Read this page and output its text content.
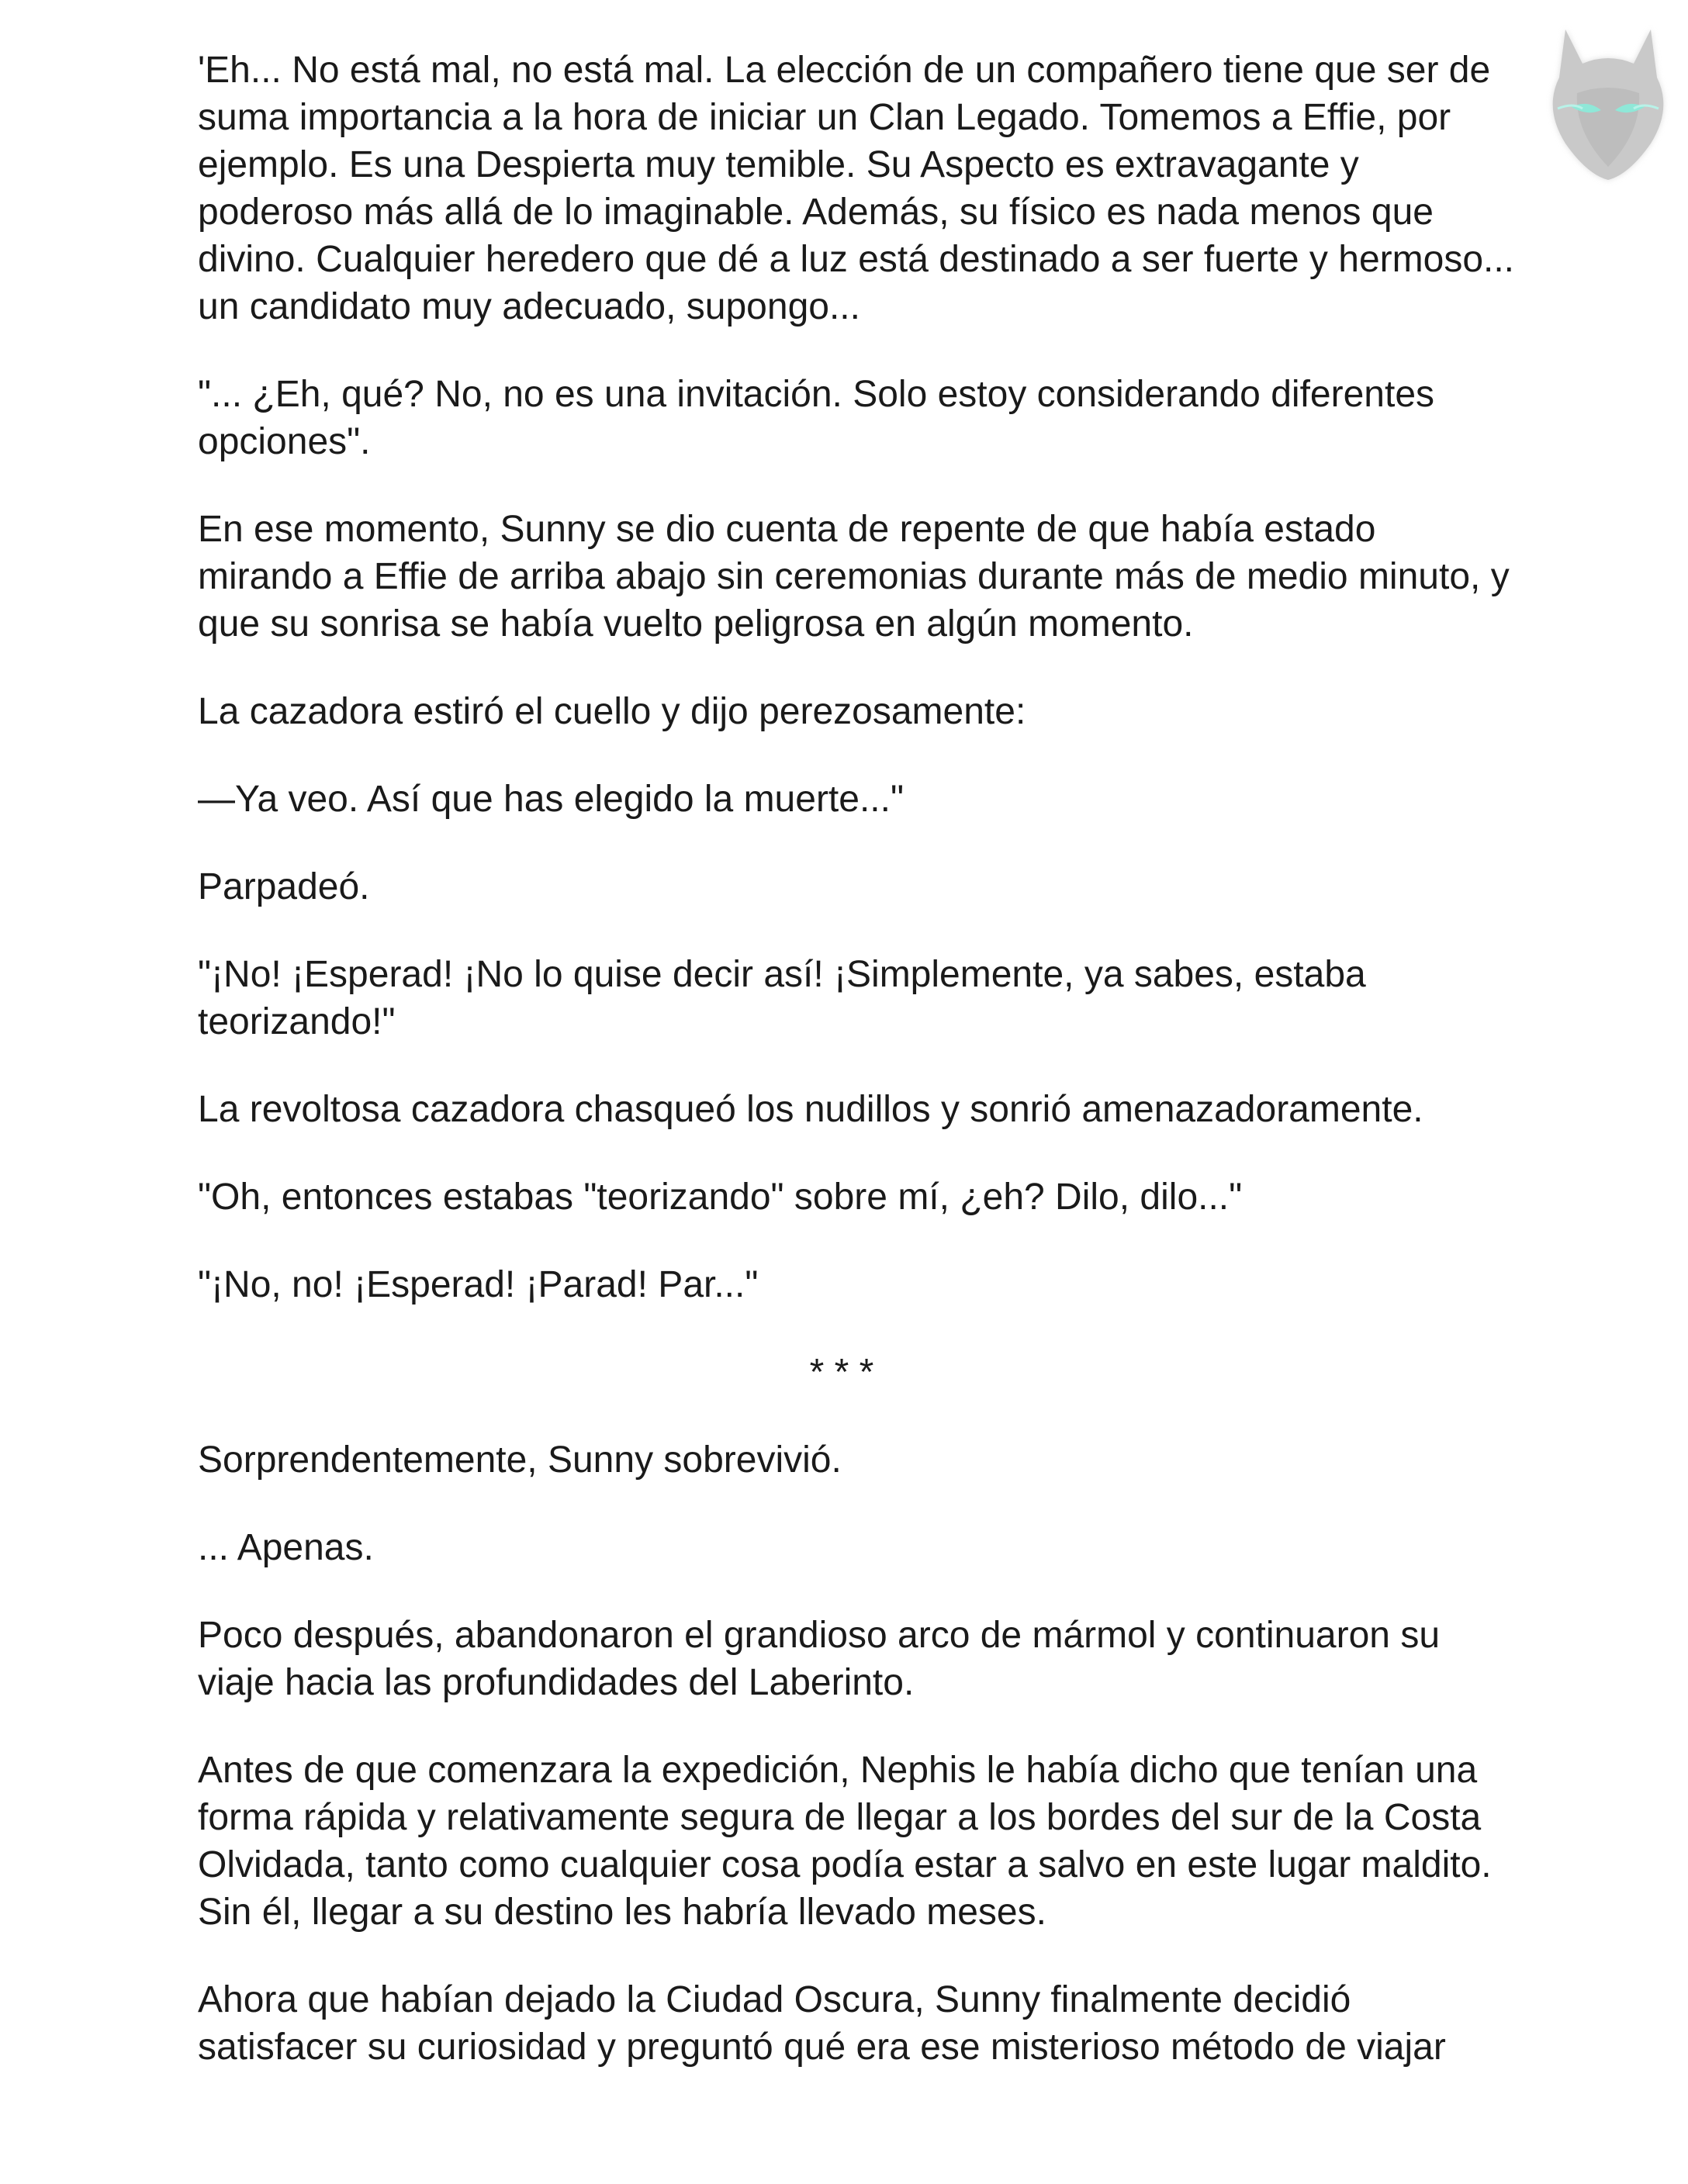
'Eh... No está mal, no está mal. La elección de un compañero tiene que ser de suma importancia a la hora de iniciar un Clan Legado. Tomemos a Effie, por ejemplo. Es una Despierta muy temible. Su Aspecto es extravagante y poderoso más allá de lo imaginable. Además, su físico es nada menos que divino. Cualquier heredero que dé a luz está destinado a ser fuerte y hermoso... un candidato muy adecuado, supongo...

"... ¿Eh, qué? No, no es una invitación. Solo estoy considerando diferentes opciones".

En ese momento, Sunny se dio cuenta de repente de que había estado mirando a Effie de arriba abajo sin ceremonias durante más de medio minuto, y que su sonrisa se había vuelto peligrosa en algún momento.

La cazadora estiró el cuello y dijo perezosamente:

—Ya veo. Así que has elegido la muerte..."

Parpadeó.

"¡No! ¡Esperad! ¡No lo quise decir así! ¡Simplemente, ya sabes, estaba teorizando!"

La revoltosa cazadora chasqueó los nudillos y sonrió amenazadoramente.

"Oh, entonces estabas "teorizando" sobre mí, ¿eh? Dilo, dilo..."

"¡No, no! ¡Esperad! ¡Parad! Par..."

* * *

Sorprendentemente, Sunny sobrevivió.

... Apenas.

Poco después, abandonaron el grandioso arco de mármol y continuaron su viaje hacia las profundidades del Laberinto.

Antes de que comenzara la expedición, Nephis le había dicho que tenían una forma rápida y relativamente segura de llegar a los bordes del sur de la Costa Olvidada, tanto como cualquier cosa podía estar a salvo en este lugar maldito. Sin él, llegar a su destino les habría llevado meses.

Ahora que habían dejado la Ciudad Oscura, Sunny finalmente decidió satisfacer su curiosidad y preguntó qué era ese misterioso método de viajar
